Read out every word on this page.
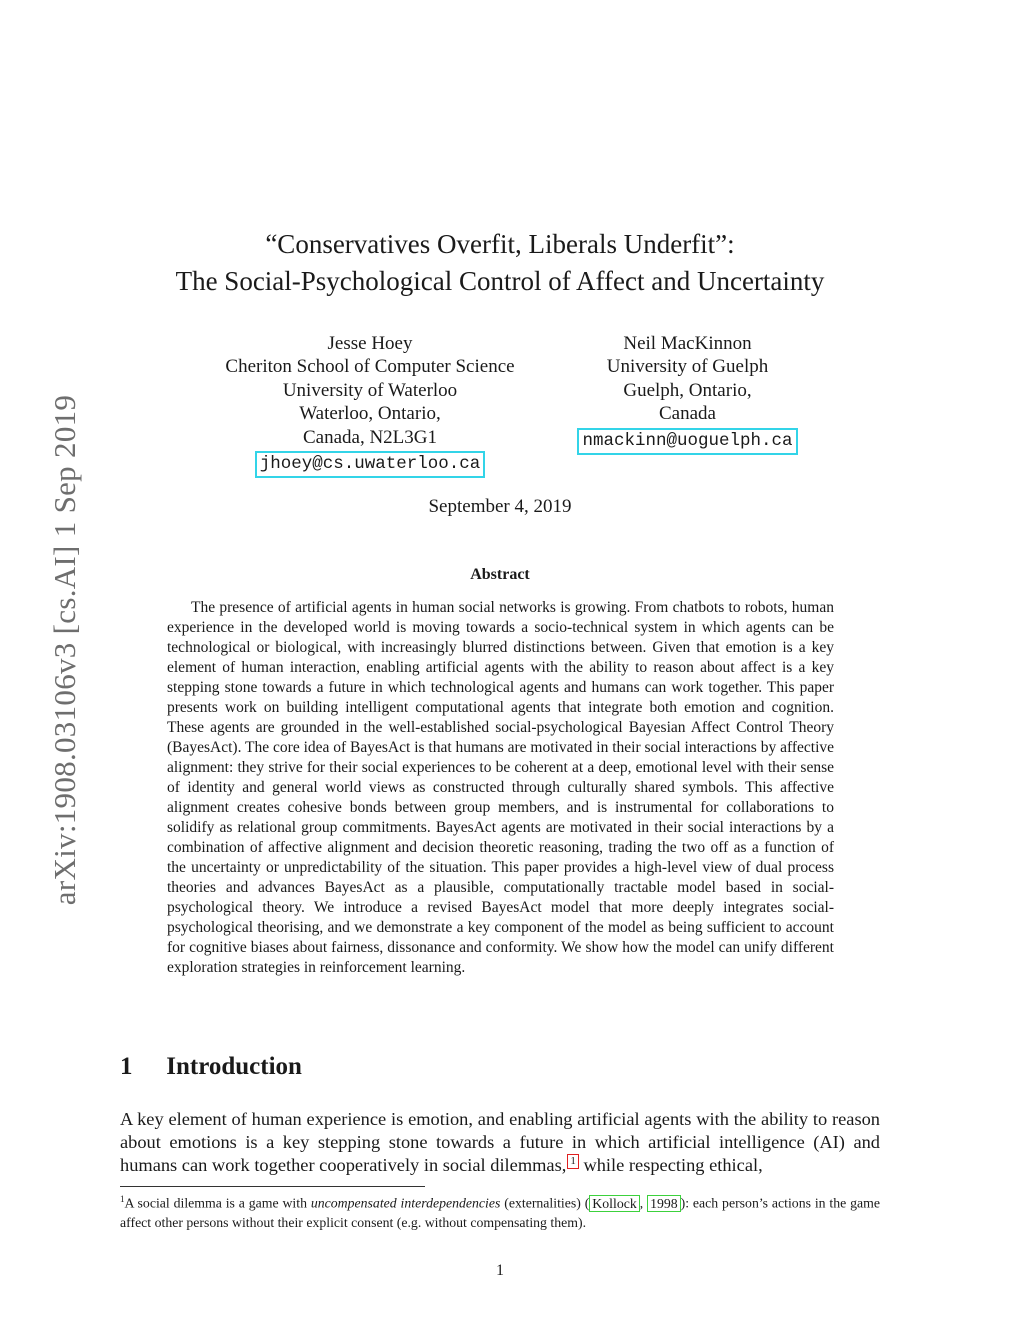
arXiv:1908.03106v3 [cs.AI] 1 Sep 2019
“Conservatives Overfit, Liberals Underfit”:
The Social-Psychological Control of Affect and Uncertainty
Jesse Hoey
Cheriton School of Computer Science
University of Waterloo
Waterloo, Ontario,
Canada, N2L3G1
jhoey@cs.uwaterloo.ca
Neil MacKinnon
University of Guelph
Guelph, Ontario,
Canada
nmackinn@uoguelph.ca
September 4, 2019
Abstract
The presence of artificial agents in human social networks is growing. From chatbots to robots, human experience in the developed world is moving towards a socio-technical system in which agents can be technological or biological, with increasingly blurred distinctions between. Given that emotion is a key element of human interaction, enabling artificial agents with the ability to reason about affect is a key stepping stone towards a future in which technological agents and humans can work together. This paper presents work on building intelligent computational agents that integrate both emotion and cognition. These agents are grounded in the well-established social-psychological Bayesian Affect Control Theory (BayesAct). The core idea of BayesAct is that humans are motivated in their social interactions by affective alignment: they strive for their social experiences to be coherent at a deep, emotional level with their sense of identity and general world views as constructed through culturally shared symbols. This affective alignment creates cohesive bonds between group members, and is instrumental for collaborations to solidify as relational group commitments. BayesAct agents are motivated in their social interactions by a combination of affective alignment and decision theoretic reasoning, trading the two off as a function of the uncertainty or unpredictability of the situation. This paper provides a high-level view of dual process theories and advances BayesAct as a plausible, computationally tractable model based in social-psychological theory. We introduce a revised BayesAct model that more deeply integrates social-psychological theorising, and we demonstrate a key component of the model as being sufficient to account for cognitive biases about fairness, dissonance and conformity. We show how the model can unify different exploration strategies in reinforcement learning.
1 Introduction
A key element of human experience is emotion, and enabling artificial agents with the ability to reason about emotions is a key stepping stone towards a future in which artificial intelligence (AI) and humans can work together cooperatively in social dilemmas, 1 while respecting ethical,
$^1$A social dilemma is a game with uncompensated interdependencies (externalities) ( Kollock , 1998 ): each person’s actions in the game affect other persons without their explicit consent (e.g. without compensating them).
1
